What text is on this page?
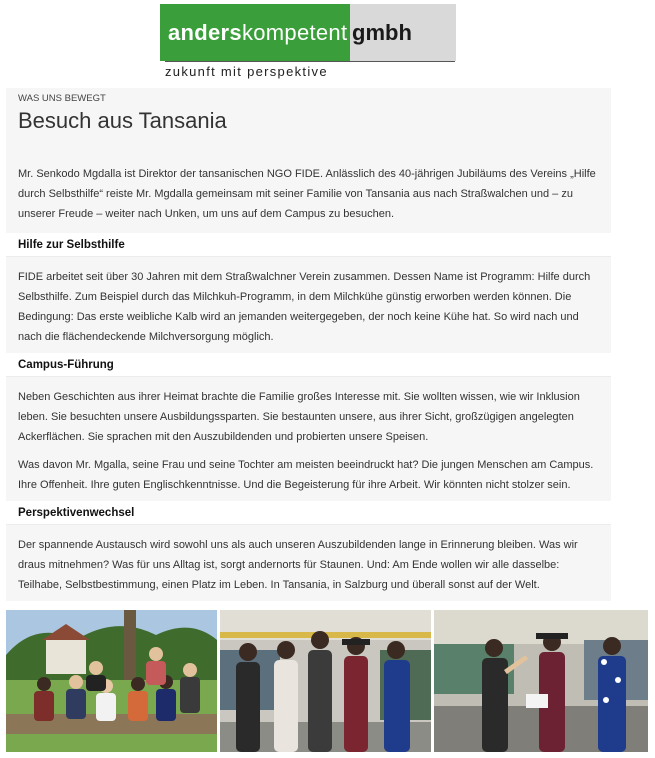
anders kompetent gmbh
zukunft mit perspektive
WAS UNS BEWEGT
Besuch aus Tansania

Mr. Senkodo Mgdalla ist Direktor der tansanischen NGO FIDE. Anlässlich des 40-jährigen Jubiläums des Vereins „Hilfe durch Selbsthilfe“ reiste Mr. Mgdalla gemeinsam mit seiner Familie von Tansania aus nach Straßwalchen und – zu unserer Freude – weiter nach Unken, um uns auf dem Campus zu besuchen.

Hilfe zur Selbsthilfe

FIDE arbeitet seit über 30 Jahren mit dem Straßwalchner Verein zusammen. Dessen Name ist Programm: Hilfe durch Selbsthilfe. Zum Beispiel durch das Milchkuh-Programm, in dem Milchkühe günstig erworben werden können. Die Bedingung: Das erste weibliche Kalb wird an jemanden weitergegeben, der noch keine Kühe hat. So wird nach und nach die flächendeckende Milchversorgung möglich.

Campus-Führung

Neben Geschichten aus ihrer Heimat brachte die Familie großes Interesse mit. Sie wollten wissen, wie wir Inklusion leben. Sie besuchten unsere Ausbildungssparten. Sie bestaunten unsere, aus ihrer Sicht, großzügigen angelegten Ackerflächen. Sie sprachen mit den Auszubildenden und probierten unsere Speisen.

Was davon Mr. Mgalla, seine Frau und seine Tochter am meisten beeindruckt hat? Die jungen Menschen am Campus. Ihre Offenheit. Ihre guten Englischkenntnisse. Und die Begeisterung für ihre Arbeit. Wir könnten nicht stolzer sein.

Perspektivenwechsel

Der spannende Austausch wird sowohl uns als auch unseren Auszubildenden lange in Erinnerung bleiben. Was wir draus mitnehmen? Was für uns Alltag ist, sorgt andernorts für Staunen. Und: Am Ende wollen wir alle dasselbe: Teilhabe, Selbstbestimmung, einen Platz im Leben. In Tansania, in Salzburg und überall sonst auf der Welt.
